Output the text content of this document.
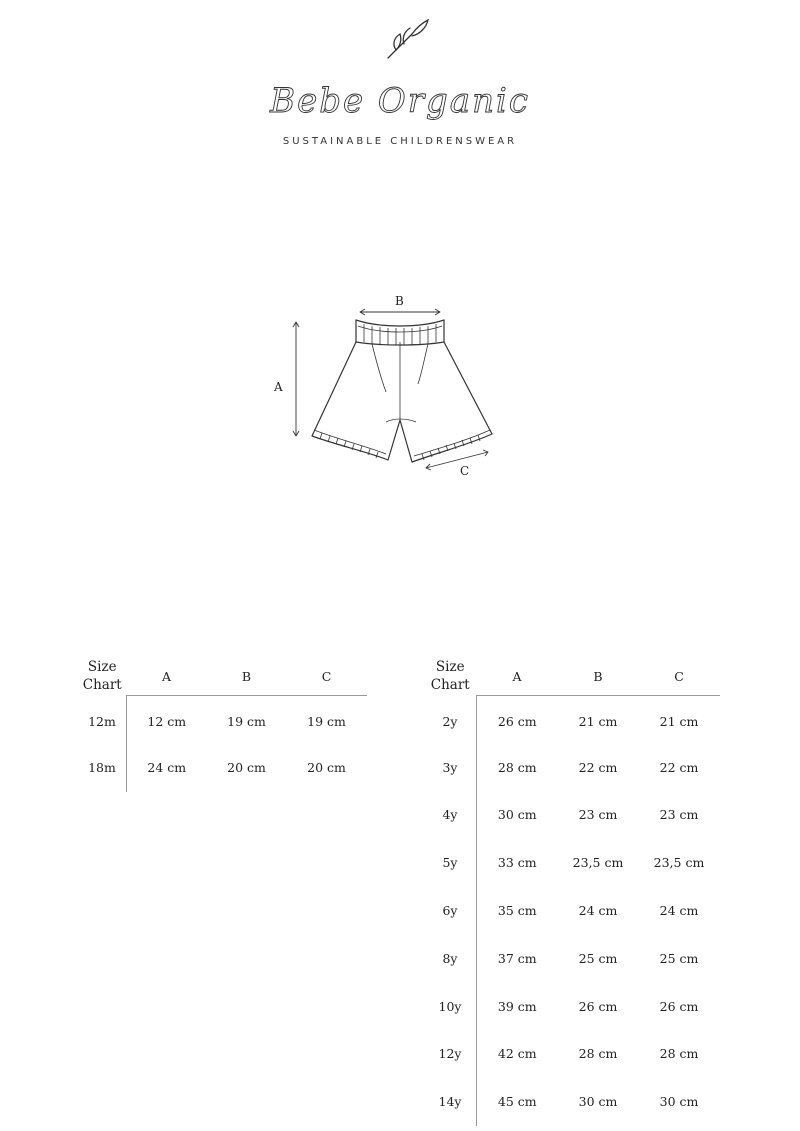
Bebe Organic
SUSTAINABLE CHILDRENSWEAR
A
B
C
Size
Chart	A	B	C
12m	12 cm	19 cm	19 cm
18m	24 cm	20 cm	20 cm
Size
Chart	A	B	C
2y	26 cm	21 cm	21 cm
3y	28 cm	22 cm	22 cm
4y	30 cm	23 cm	23 cm
5y	33 cm	23,5 cm	23,5 cm
6y	35 cm	24 cm	24 cm
8y	37 cm	25 cm	25 cm
10y	39 cm	26 cm	26 cm
12y	42 cm	28 cm	28 cm
14y	45 cm	30 cm	30 cm
